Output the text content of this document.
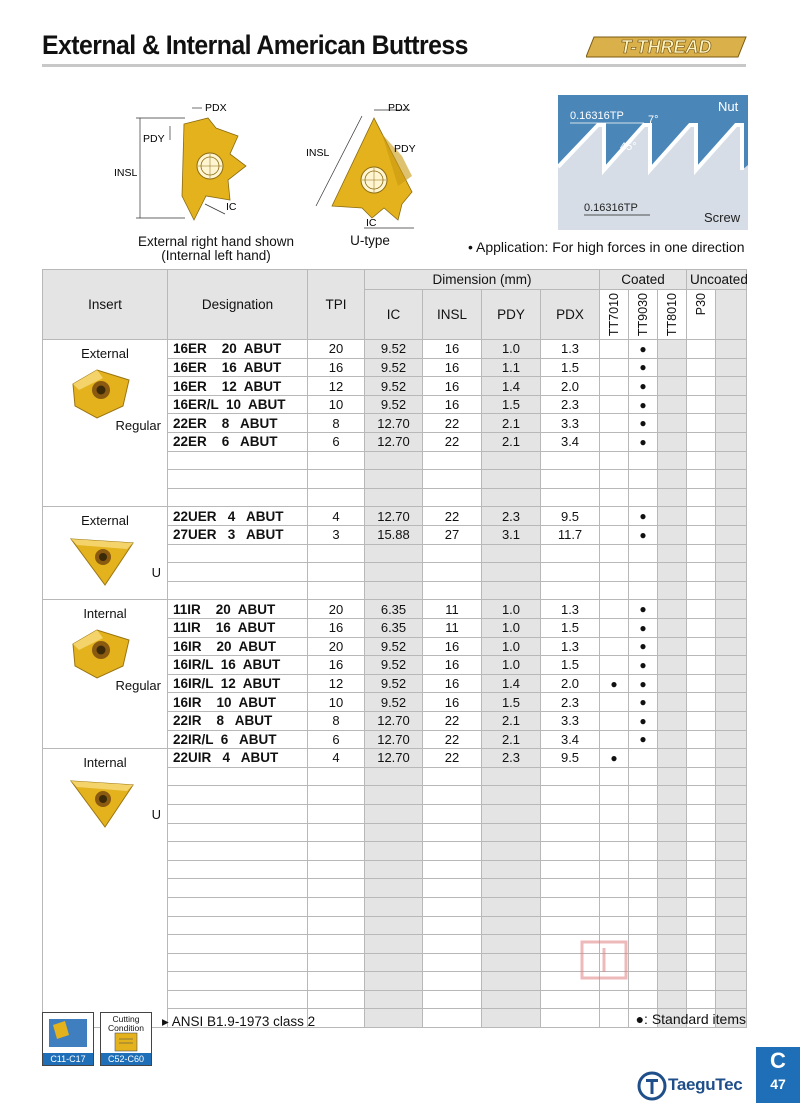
External & Internal American Buttress	T-THREAD
PDX
PDY
INSL
IC
External right hand shown
(Internal left hand)
PDX
PDY
INSL
IC
U-type
Nut
Screw
0.16316TP
0.16316TP
7°
45°
• Application: For high forces in one direction
Insert	Designation	TPI	Dimension (mm)				Coated			Uncoated	
			IC	INSL	PDY	PDX	TT7010	TT9030	TT8010	P30	

External
Regular	16ER    20  ABUT	20	9.52	16	1.0	1.3		●			
	16ER    16  ABUT	16	9.52	16	1.1	1.5		●			
	16ER    12  ABUT	12	9.52	16	1.4	2.0		●			
	16ER/L  10  ABUT	10	9.52	16	1.5	2.3		●			
	22ER    8   ABUT	8	12.70	22	2.1	3.3		●			
	22ER    6   ABUT	6	12.70	22	2.1	3.4		●			

External
U	22UER   4   ABUT	4	12.70	22	2.3	9.5		●			
	27UER   3   ABUT	3	15.88	27	3.1	11.7		●			

Internal
Regular	11IR    20  ABUT	20	6.35	11	1.0	1.3		●			
	11IR    16  ABUT	16	6.35	11	1.0	1.5		●			
	16IR    20  ABUT	20	9.52	16	1.0	1.3		●			
	16IR/L  16  ABUT	16	9.52	16	1.0	1.5		●			
	16IR/L  12  ABUT	12	9.52	16	1.4	2.0	●	●			
	16IR    10  ABUT	10	9.52	16	1.5	2.3		●			
	22IR    8   ABUT	8	12.70	22	2.1	3.3		●			
	22IR/L  6   ABUT	6	12.70	22	2.1	3.4		●			

Internal
U	22UIR   4   ABUT	4	12.70	22	2.3	9.5	●				

C11-C17
Cutting Condition
C52-C60
▸ ANSI B1.9-1973 class 2	●: Standard items
C
47
TaeguTec
